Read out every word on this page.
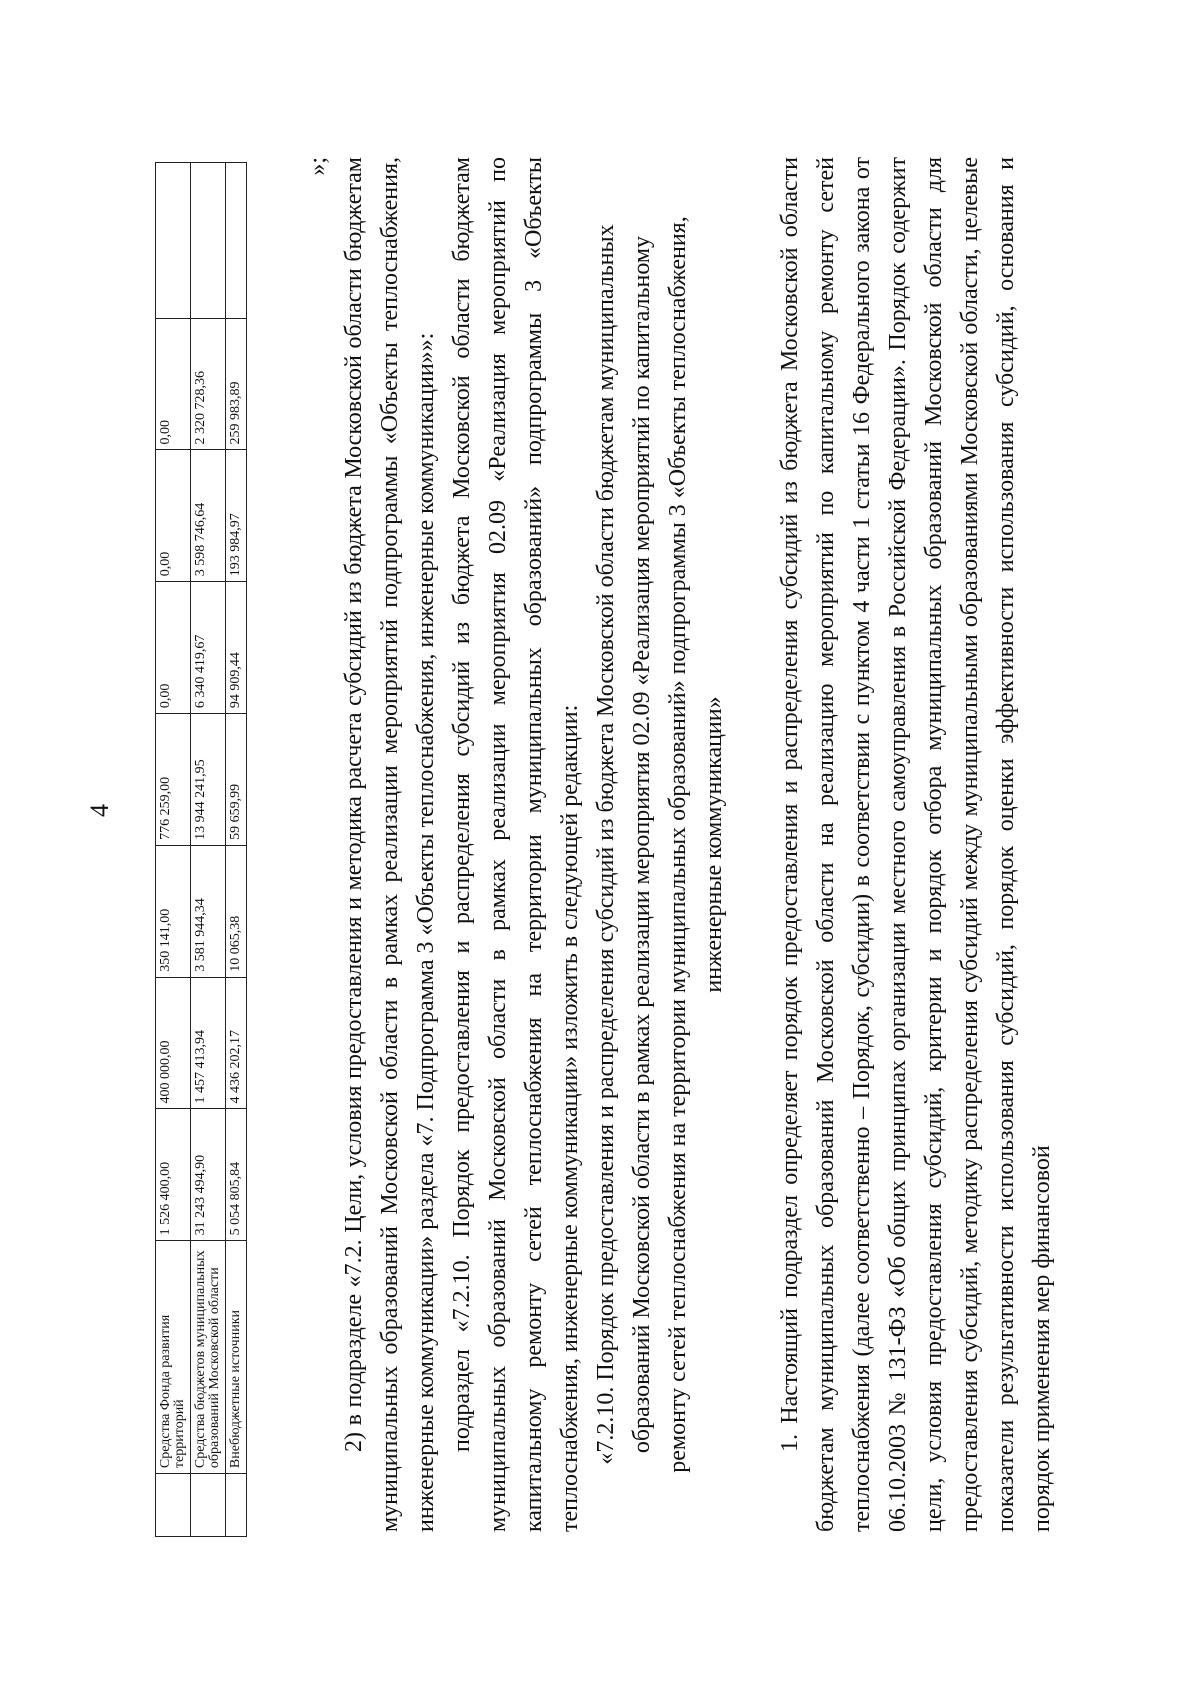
4
	Средства Фонда развития территорий	1 526 400,00	400 000,00	350 141,00	776 259,00	0,00	0,00	0,00	
	Средства бюджетов муниципальных образований Московской области	31 243 494,90	1 457 413,94	3 581 944,34	13 944 241,95	6 340 419,67	3 598 746,64	2 320 728,36	
	Внебюджетные источники	5 054 805,84	4 436 202,17	10 065,38	59 659,99	94 909,44	193 984,97	259 983,89	

»; 2) в подразделе «7.2. Цели, условия предоставления и методика расчета субсидий из бюджета Московской области бюджетам муниципальных образований Московской области в рамках реализации мероприятий подпрограммы «Объекты теплоснабжения, инженерные коммуникации» раздела «7. Подпрограмма 3 «Объекты теплоснабжения, инженерные коммуникации»»: подраздел «7.2.10. Порядок предоставления и распределения субсидий из бюджета Московской области бюджетам муниципальных образований Московской области в рамках реализации мероприятия 02.09 «Реализация мероприятий по капитальному ремонту сетей теплоснабжения на территории муниципальных образований» подпрограммы 3 «Объекты теплоснабжения, инженерные коммуникации» изложить в следующей редакции: «7.2.10. Порядок предоставления и распределения субсидий из бюджета Московской области бюджетам муниципальных образований Московской области в рамках реализации мероприятия 02.09 «Реализация мероприятий по капитальному ремонту сетей теплоснабжения на территории муниципальных образований» подпрограммы 3 «Объекты теплоснабжения, инженерные коммуникации» 1. Настоящий подраздел определяет порядок предоставления и распределения субсидий из бюджета Московской области бюджетам муниципальных образований Московской области на реализацию мероприятий по капитальному ремонту сетей теплоснабжения (далее соответственно – Порядок, субсидии) в соответствии с пунктом 4 части 1 статьи 16 Федерального закона от 06.10.2003 № 131-ФЗ «Об общих принципах организации местного самоуправления в Российской Федерации». Порядок содержит цели, условия предоставления субсидий, критерии и порядок отбора муниципальных образований Московской области для предоставления субсидий, методику распределения субсидий между муниципальными образованиями Московской области, целевые показатели результативности использования субсидий, порядок оценки эффективности использования субсидий, основания и порядок применения мер финансовой
